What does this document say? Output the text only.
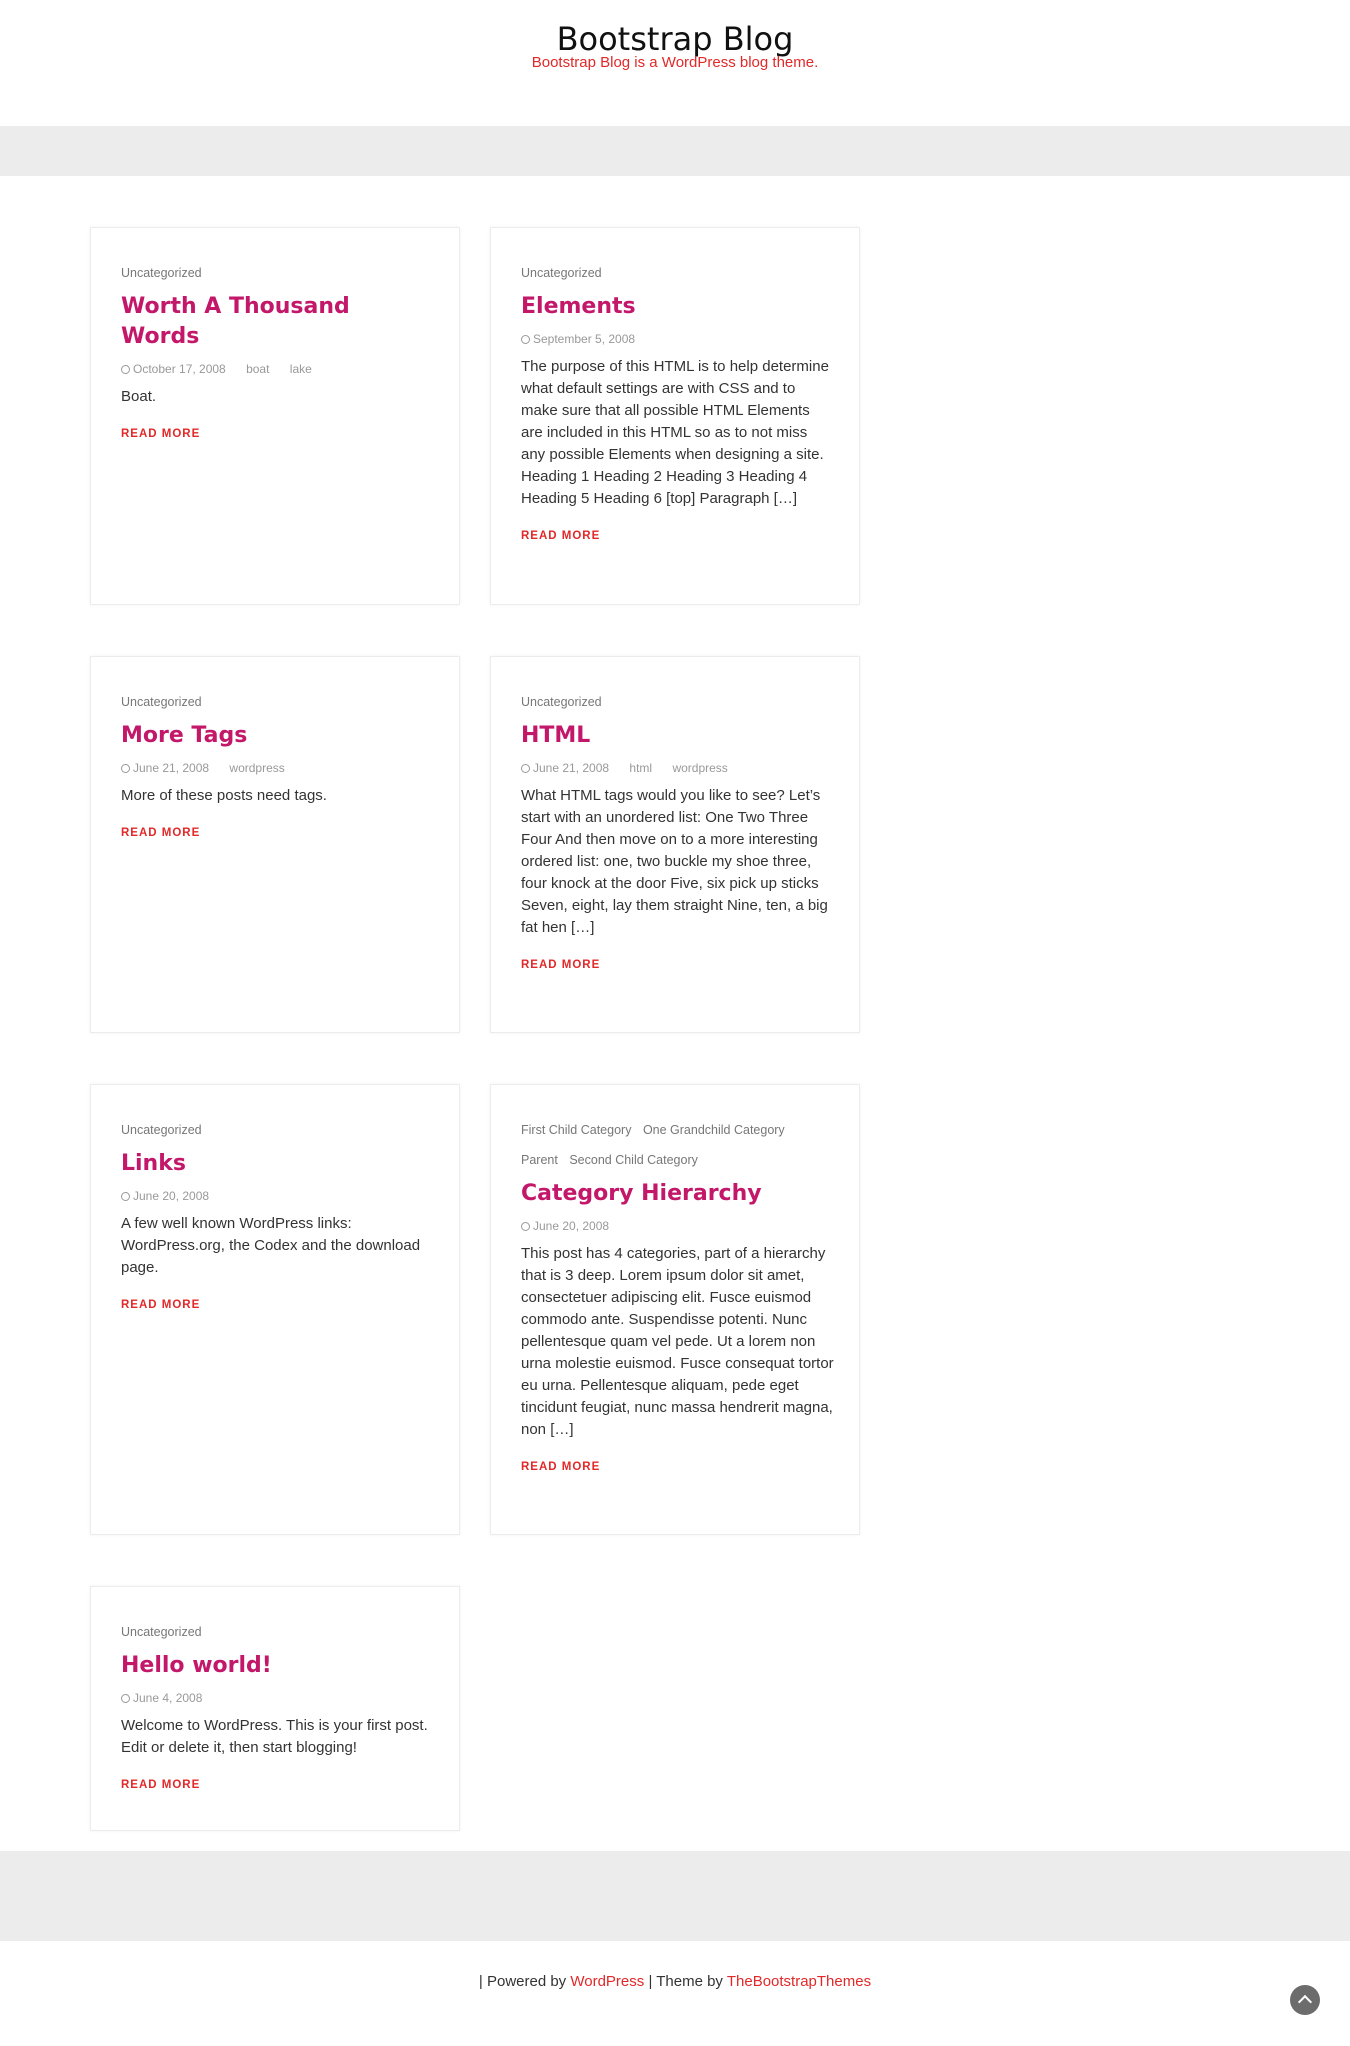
Bootstrap Blog
Bootstrap Blog is a WordPress blog theme.
Uncategorized
Worth A Thousand Words
October 17, 2008 boat lake
Boat.
READ MORE
Uncategorized
Elements
September 5, 2008
The purpose of this HTML is to help determine what default settings are with CSS and to make sure that all possible HTML Elements are included in this HTML so as to not miss any possible Elements when designing a site. Heading 1 Heading 2 Heading 3 Heading 4 Heading 5 Heading 6 [top] Paragraph […]
READ MORE
Uncategorized
More Tags
June 21, 2008 wordpress
More of these posts need tags.
READ MORE
Uncategorized
HTML
June 21, 2008 html wordpress
What HTML tags would you like to see? Let’s start with an unordered list: One Two Three Four And then move on to a more interesting ordered list: one, two buckle my shoe three, four knock at the door Five, six pick up sticks Seven, eight, lay them straight Nine, ten, a big fat hen […]
READ MORE
Uncategorized
Links
June 20, 2008
A few well known WordPress links: WordPress.org, the Codex and the download page.
READ MORE
First Child Category One Grandchild Category
Parent Second Child Category
Category Hierarchy
June 20, 2008
This post has 4 categories, part of a hierarchy that is 3 deep. Lorem ipsum dolor sit amet, consectetuer adipiscing elit. Fusce euismod commodo ante. Suspendisse potenti. Nunc pellentesque quam vel pede. Ut a lorem non urna molestie euismod. Fusce consequat tortor eu urna. Pellentesque aliquam, pede eget tincidunt feugiat, nunc massa hendrerit magna, non […]
READ MORE
Uncategorized
Hello world!
June 4, 2008
Welcome to WordPress. This is your first post. Edit or delete it, then start blogging!
READ MORE
| Powered by WordPress | Theme by TheBootstrapThemes
